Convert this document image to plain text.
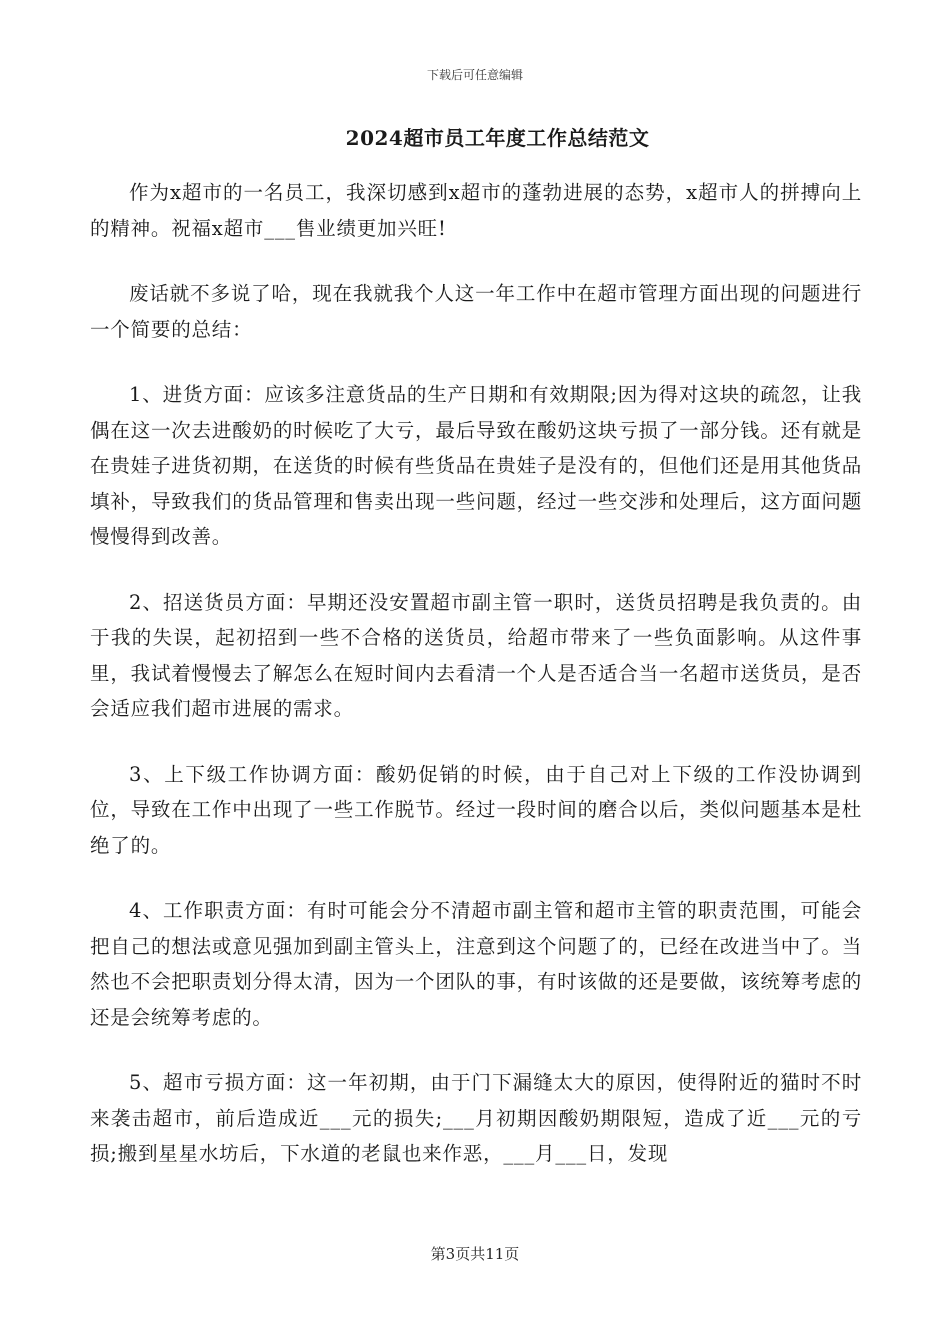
下载后可任意编辑
2024超市员工年度工作总结范文

作为x超市的一名员工，我深切感到x超市的蓬勃进展的态势，x超市人的拼搏向上的精神。祝福x超市___售业绩更加兴旺!

废话就不多说了哈，现在我就我个人这一年工作中在超市管理方面出现的问题进行一个简要的总结：

1、进货方面：应该多注意货品的生产日期和有效期限;因为得对这块的疏忽，让我偶在这一次去进酸奶的时候吃了大亏，最后导致在酸奶这块亏损了一部分钱。还有就是在贵娃子进货初期，在送货的时候有些货品在贵娃子是没有的，但他们还是用其他货品填补，导致我们的货品管理和售卖出现一些问题，经过一些交涉和处理后，这方面问题慢慢得到改善。

2、招送货员方面：早期还没安置超市副主管一职时，送货员招聘是我负责的。由于我的失误，起初招到一些不合格的送货员，给超市带来了一些负面影响。从这件事里，我试着慢慢去了解怎么在短时间内去看清一个人是否适合当一名超市送货员，是否会适应我们超市进展的需求。

3、上下级工作协调方面：酸奶促销的时候，由于自己对上下级的工作没协调到位，导致在工作中出现了一些工作脱节。经过一段时间的磨合以后，类似问题基本是杜绝了的。

4、工作职责方面：有时可能会分不清超市副主管和超市主管的职责范围，可能会把自己的想法或意见强加到副主管头上，注意到这个问题了的，已经在改进当中了。当然也不会把职责划分得太清，因为一个团队的事，有时该做的还是要做，该统筹考虑的还是会统筹考虑的。

5、超市亏损方面：这一年初期，由于门下漏缝太大的原因，使得附近的猫时不时来袭击超市，前后造成近___元的损失;___月初期因酸奶期限短，造成了近___元的亏损;搬到星星水坊后，下水道的老鼠也来作恶，___月___日，发现

第3页共11页
